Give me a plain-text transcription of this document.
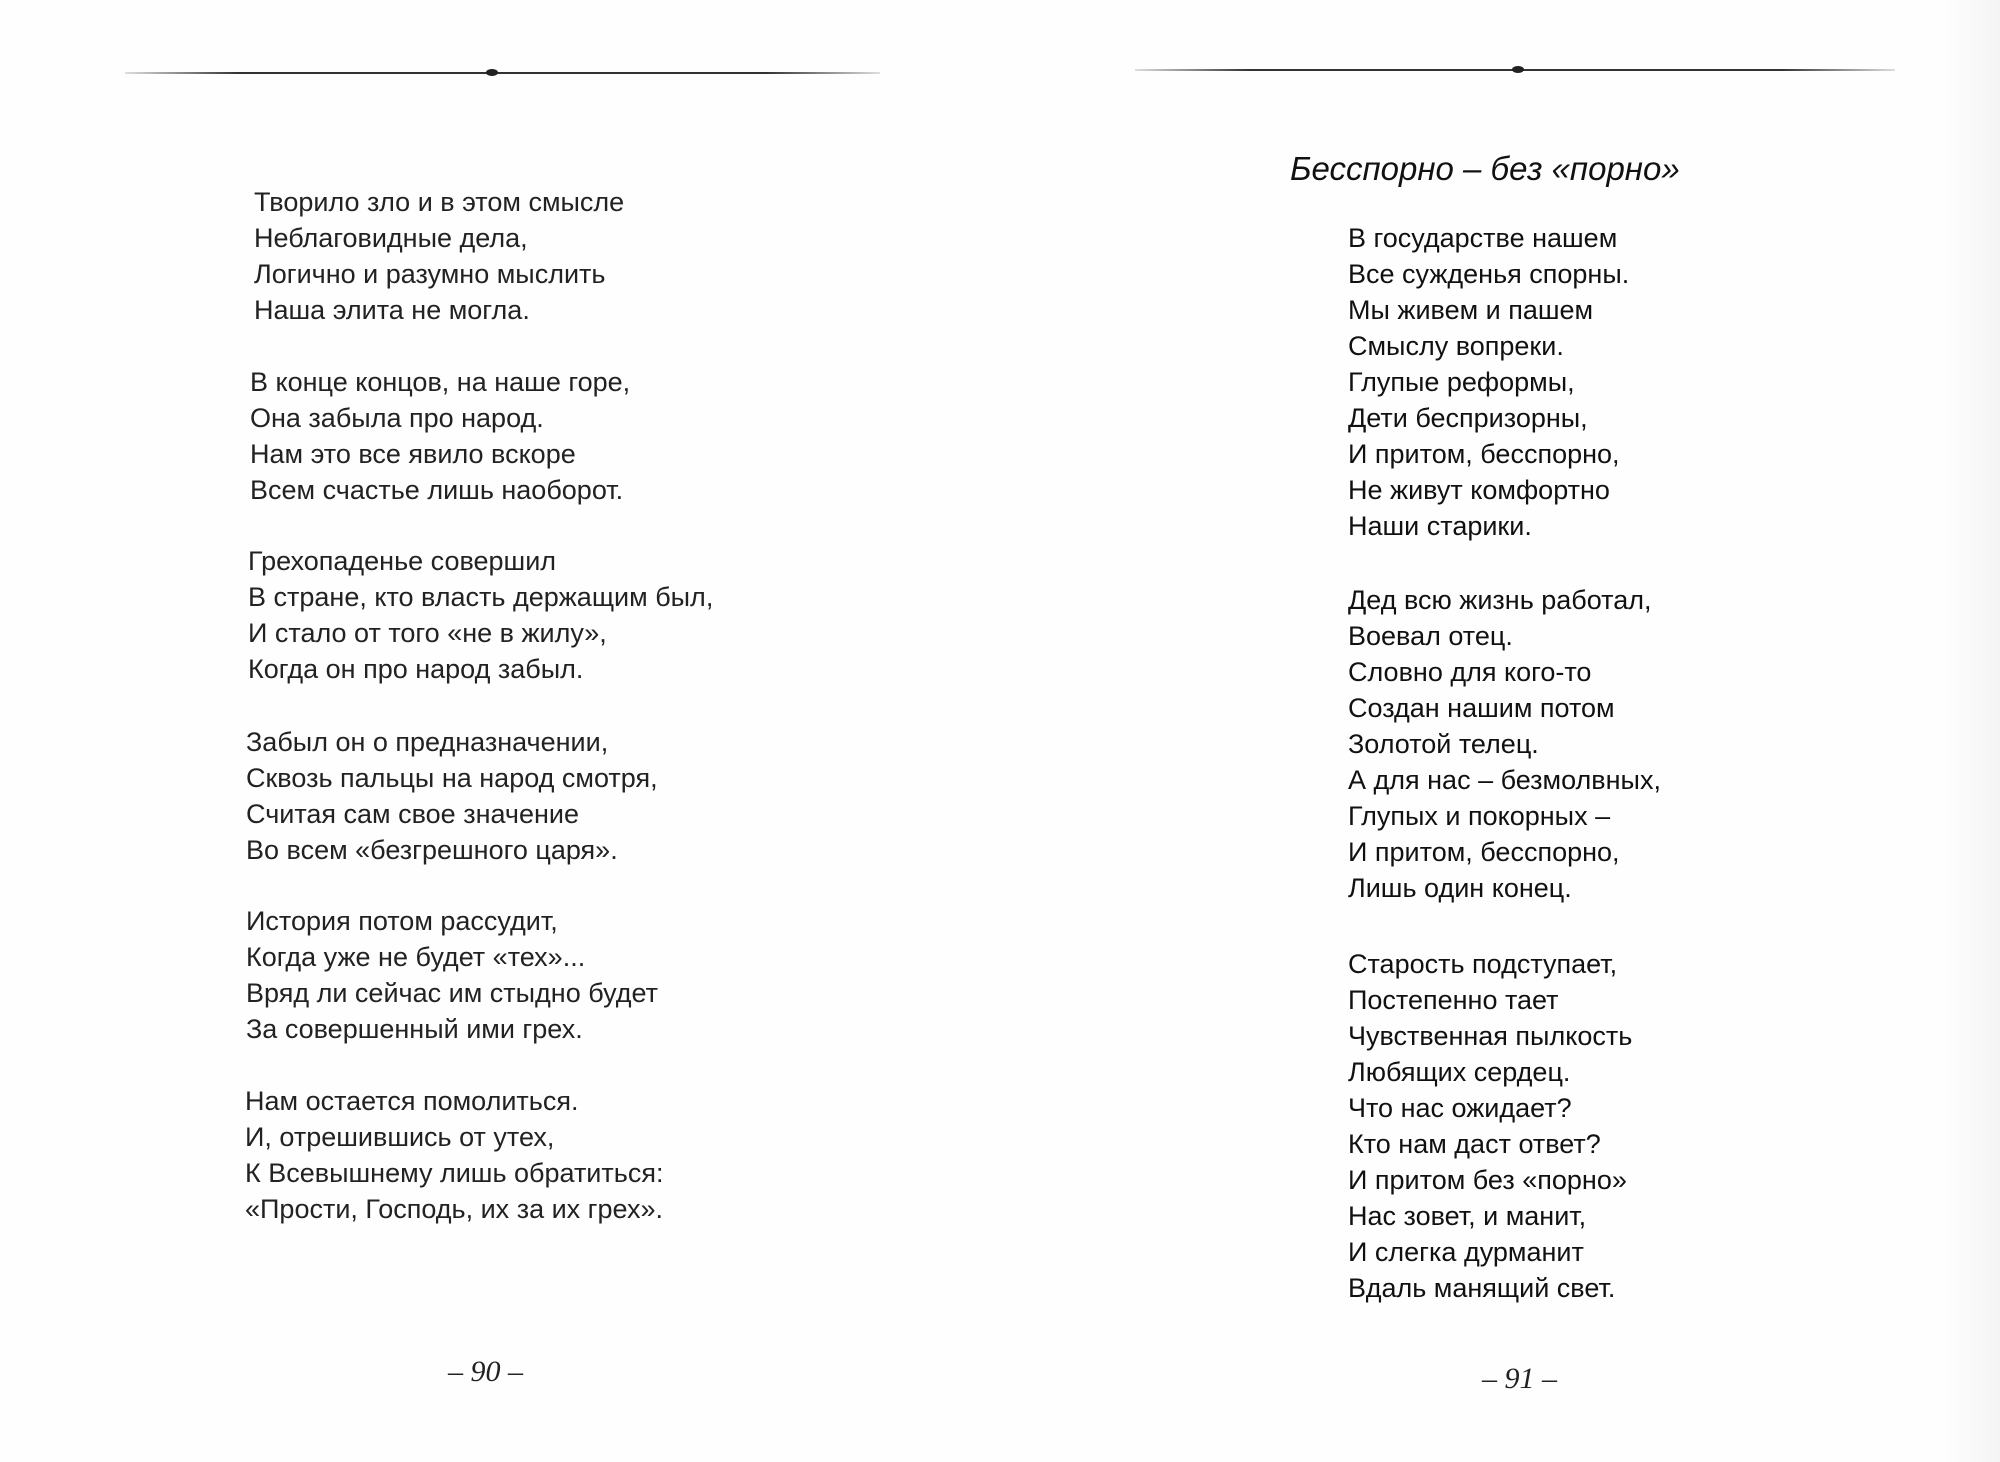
Творило зло и в этом смысле
Неблаговидные дела,
Логично и разумно мыслить
Наша элита не могла.
В конце концов, на наше горе,
Она забыла про народ.
Нам это все явило вскоре
Всем счастье лишь наоборот.
Грехопаденье совершил
В стране, кто власть держащим был,
И стало от того «не в жилу»,
Когда он про народ забыл.
Забыл он о предназначении,
Сквозь пальцы на народ смотря,
Считая сам свое значение
Во всем «безгрешного царя».
История потом рассудит,
Когда уже не будет «тех»...
Вряд ли сейчас им стыдно будет
За совершенный ими грех.
Нам остается помолиться.
И, отрешившись от утех,
К Всевышнему лишь обратиться:
«Прости, Господь, их за их грех».
– 90 –
Бесспорно – без «порно»
В государстве нашем
Все сужденья спорны.
Мы живем и пашем
Смыслу вопреки.
Глупые реформы,
Дети беспризорны,
И притом, бесспорно,
Не живут комфортно
Наши старики.
Дед всю жизнь работал,
Воевал отец.
Словно для кого-то
Создан нашим потом
Золотой телец.
А для нас – безмолвных,
Глупых и покорных –
И притом, бесспорно,
Лишь один конец.
Старость подступает,
Постепенно тает
Чувственная пылкость
Любящих сердец.
Что нас ожидает?
Кто нам даст ответ?
И притом без «порно»
Нас зовет, и манит,
И слегка дурманит
Вдаль манящий свет.
– 91 –
